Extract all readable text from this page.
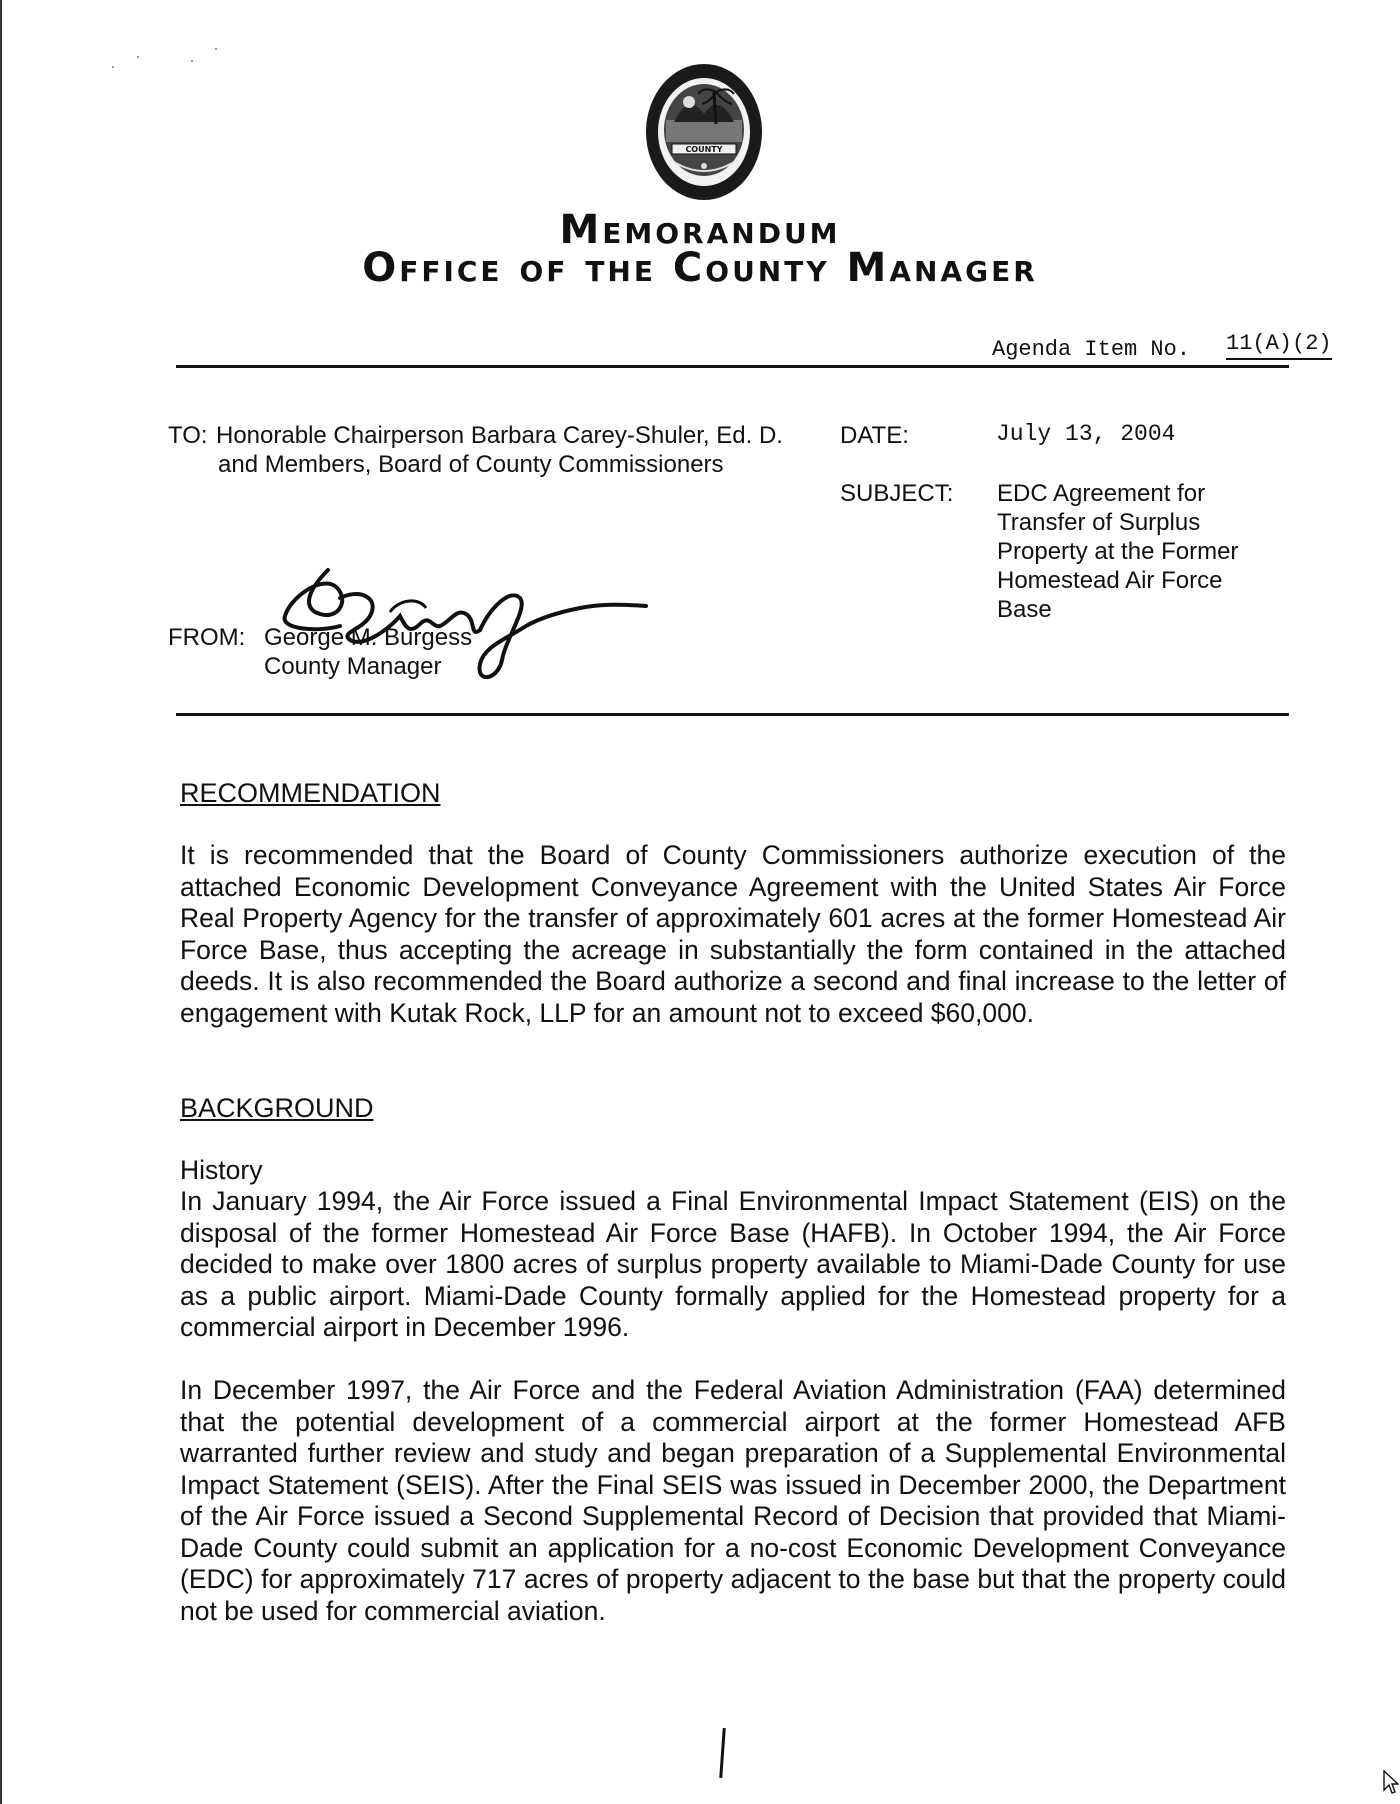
COUNTY
Memorandum
Office of the County Manager
Agenda Item No. 11(A)(2)
TO: Honorable Chairperson Barbara Carey-Shuler, Ed. D.
and Members, Board of County Commissioners
DATE:	July 13, 2004
SUBJECT: EDC Agreement for
Transfer of Surplus
Property at the Former
Homestead Air Force
Base
FROM: George M. Burgess
County Manager
RECOMMENDATION

It is recommended that the Board of County Commissioners authorize execution of the attached Economic Development Conveyance Agreement with the United States Air Force Real Property Agency for the transfer of approximately 601 acres at the former Homestead Air Force Base, thus accepting the acreage in substantially the form contained in the attached deeds. It is also recommended the Board authorize a second and final increase to the letter of engagement with Kutak Rock, LLP for an amount not to exceed $60,000.

BACKGROUND
History

In January 1994, the Air Force issued a Final Environmental Impact Statement (EIS) on the disposal of the former Homestead Air Force Base (HAFB). In October 1994, the Air Force decided to make over 1800 acres of surplus property available to Miami-Dade County for use as a public airport. Miami-Dade County formally applied for the Homestead property for a commercial airport in December 1996.

In December 1997, the Air Force and the Federal Aviation Administration (FAA) determined that the potential development of a commercial airport at the former Homestead AFB warranted further review and study and began preparation of a Supplemental Environmental Impact Statement (SEIS). After the Final SEIS was issued in December 2000, the Department of the Air Force issued a Second Supplemental Record of Decision that provided that Miami-Dade County could submit an application for a no-cost Economic Development Conveyance (EDC) for approximately 717 acres of property adjacent to the base but that the property could not be used for commercial aviation.
